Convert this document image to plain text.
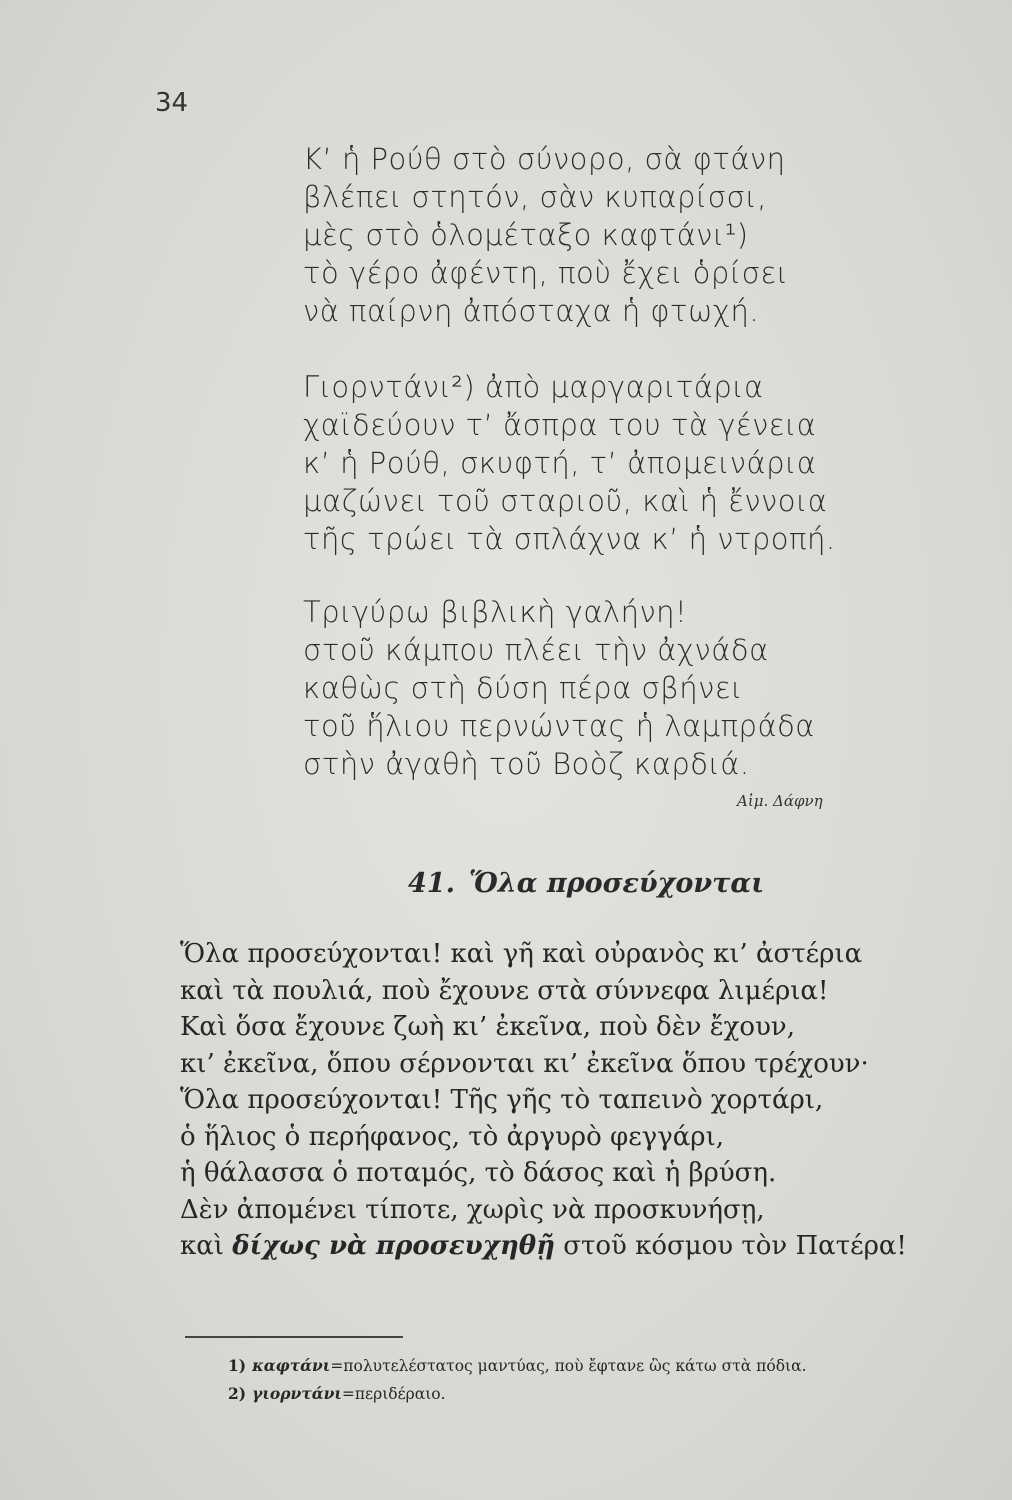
34
Κ’ ἡ Ρούθ στὸ σύνορο, σὰ φτάνη
βλέπει στητόν, σὰν κυπαρίσσι,
μὲς στὸ ὁλομέταξο καφτάνι¹)
τὸ γέρο ἀφέντη, ποὺ ἔχει ὁρίσει
νὰ παίρνη ἀπόσταχα ἡ φτωχή.
Γιορντάνι²) ἀπὸ μαργαριτάρια
χαϊδεύουν τ’ ἄσπρα του τὰ γένεια
κ’ ἡ Ρούθ, σκυφτή, τ’ ἀπομεινάρια
μαζώνει τοῦ σταριοῦ, καὶ ἡ ἔννοια
τῆς τρώει τὰ σπλάχνα κ’ ἡ ντροπή.
Τριγύρω βιβλικὴ γαλήνη!
στοῦ κάμπου πλέει τὴν ἀχνάδα
καθὼς στὴ δύση πέρα σβήνει
τοῦ ἥλιου περνώντας ἡ λαμπράδα
στὴν ἀγαθὴ τοῦ Βοὸζ καρδιά.
Αἰμ. Δάφνη
41. Ὅλα προσεύχονται
Ὅλα προσεύχονται! καὶ γῆ καὶ οὐρανὸς κι’ ἀστέρια
καὶ τὰ πουλιά, ποὺ ἔχουνε στὰ σύννεφα λιμέρια!
Καὶ ὅσα ἔχουνε ζωὴ κι’ ἐκεῖνα, ποὺ δὲν ἔχουν,
κι’ ἐκεῖνα, ὅπου σέρνονται κι’ ἐκεῖνα ὅπου τρέχουν·
Ὅλα προσεύχονται! Τῆς γῆς τὸ ταπεινὸ χορτάρι,
ὁ ἥλιος ὁ περήφανος, τὸ ἀργυρὸ φεγγάρι,
ἡ θάλασσα ὁ ποταμός, τὸ δάσος καὶ ἡ βρύση.
Δὲν ἀπομένει τίποτε, χωρὶς νὰ προσκυνήσῃ,
καὶ δίχως νὰ προσευχηθῇ στοῦ κόσμου τὸν Πατέρα!
1) καφτάνι=πολυτελέστατος μαντύας, ποὺ ἔφτανε ὣς κάτω στὰ πόδια.
2) γιορντάνι=περιδέραιο.
